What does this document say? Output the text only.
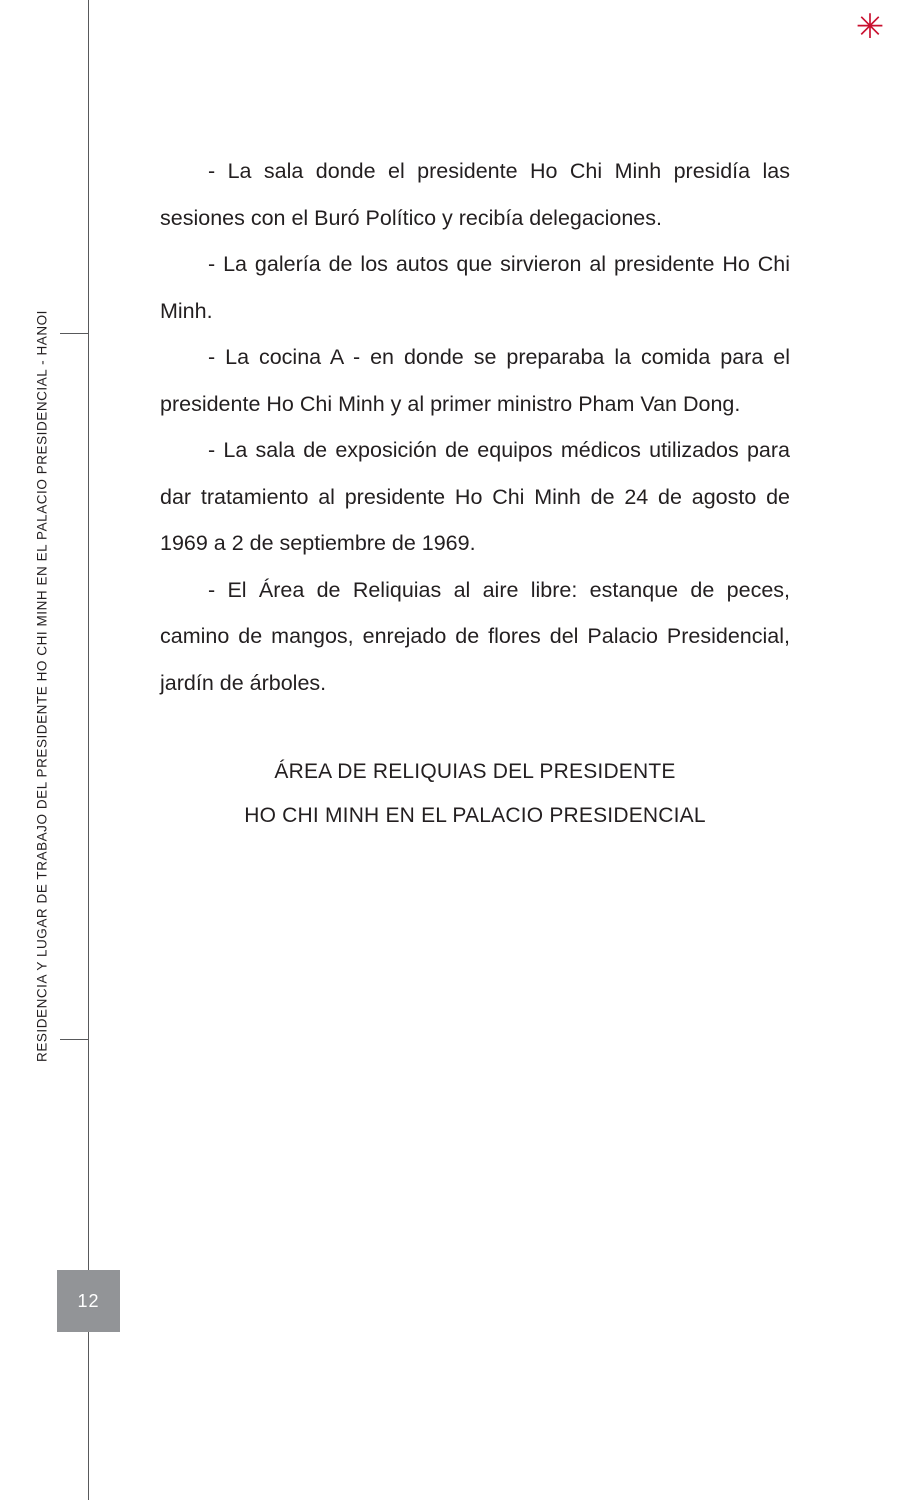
✳
RESIDENCIA Y LUGAR DE TRABAJO DEL PRESIDENTE HO CHI MINH EN EL PALACIO PRESIDENCIAL - HANOI
12

- La sala donde el presidente Ho Chi Minh presidía las sesiones con el Buró Político y recibía delegaciones.

- La galería de los autos que sirvieron al presidente Ho Chi Minh.

- La cocina A - en donde se preparaba la comida para el presidente Ho Chi Minh y al primer ministro Pham Van Dong.

- La sala de exposición de equipos médicos utilizados para dar tratamiento al presidente Ho Chi Minh de 24 de agosto de 1969 a 2 de septiembre de 1969.

- El Área de Reliquias al aire libre: estanque de peces, camino de mangos, enrejado de flores del Palacio Presidencial, jardín de árboles.

ÁREA DE RELIQUIAS DEL PRESIDENTE
HO CHI MINH EN EL PALACIO PRESIDENCIAL
